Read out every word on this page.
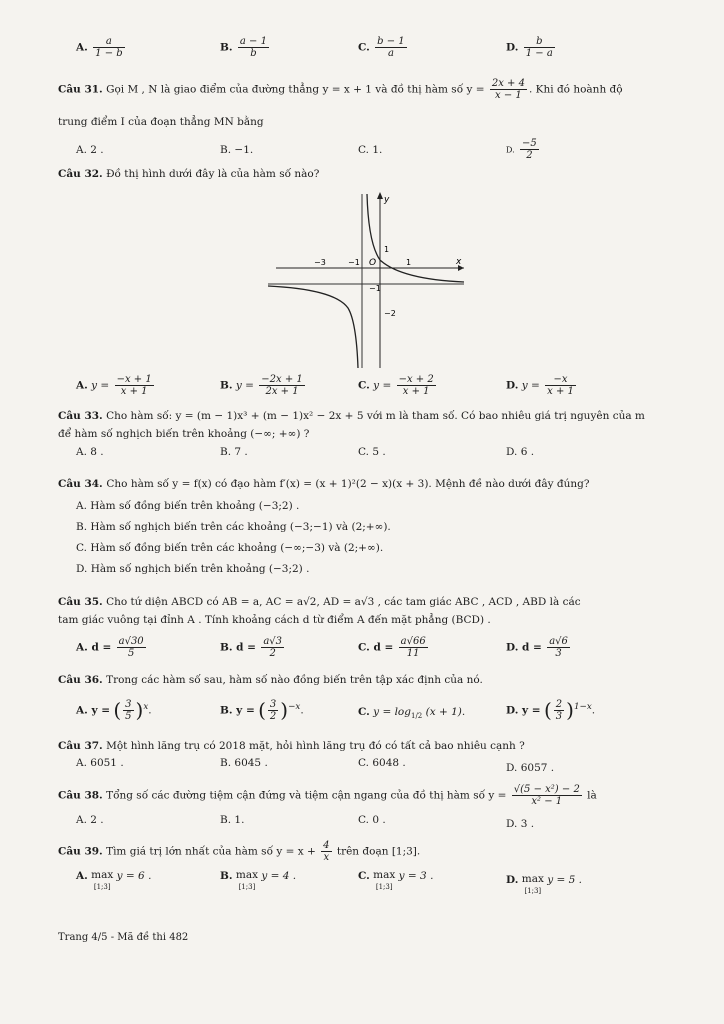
A. $\frac{a}{1 - b}$	B. $\frac{a - 1}{b}$	C. $\frac{b - 1}{a}$	D. $\frac{b}{1 - a}$
Câu 31. Gọi M , N là giao điểm của đường thẳng y = x + 1 và đồ thị hàm số $y = \frac{2x + 4}{x - 1}$ . Khi đó hoành độ
trung điểm I của đoạn thẳng MN bằng
A. 2 .	B. −1.	C. 1.	D. $\frac{-5}{2}$
Câu 32. Đồ thị hình dưới đây là của hàm số nào?
y
x
O
−3	−1	1
1
−1
−2
A. $y = \frac{-x + 1}{x + 1}$	B. $y = \frac{-2x + 1}{2x + 1}$	C. $y = \frac{-x + 2}{x + 1}$	D. $y = \frac{-x}{x + 1}$
Câu 33. Cho hàm số: y = (m − 1)x³ + (m − 1)x² − 2x + 5 với m là tham số. Có bao nhiêu giá trị nguyên của m
để hàm số nghịch biến trên khoảng (−∞; +∞) ?
A. 8 .	B. 7 .	C. 5 .	D. 6 .
Câu 34. Cho hàm số y = f(x) có đạo hàm f′(x) = (x + 1)²(2 − x)(x + 3). Mệnh đề nào dưới đây đúng?
A. Hàm số đồng biến trên khoảng (−3;2) .
B. Hàm số nghịch biến trên các khoảng (−3;−1) và (2;+∞).
C. Hàm số đồng biến trên các khoảng (−∞;−3) và (2;+∞).
D. Hàm số nghịch biến trên khoảng (−3;2) .
Câu 35. Cho tứ diện ABCD có AB = a, AC = a√2, AD = a√3 , các tam giác ABC , ACD , ABD là các
tam giác vuông tại đỉnh A . Tính khoảng cách d từ điểm A đến mặt phẳng (BCD) .
A. $d = \frac{a√30}{5}$	B. $d = \frac{a√3}{2}$	C. $d = \frac{a√66}{11}$	D. $d = \frac{a√6}{3}$
Câu 36. Trong các hàm số sau, hàm số nào đồng biến trên tập xác định của nó.
A. y = ( $\frac{3}{5} )^x$.	B. y = ( $\frac{3}{2} )^{-x}$.	C. $y = \log_{1/2} (x + 1)$.	D. y = ( $\frac{2}{3} )^{1-x}$.
Câu 37. Một hình lăng trụ có 2018 mặt, hỏi hình lăng trụ đó có tất cả bao nhiêu cạnh ?
A. 6051 .	B. 6045 .	C. 6048 .	D. 6057 .
Câu 38. Tổng số các đường tiệm cận đứng và tiệm cận ngang của đồ thị hàm số $y = \frac{\text{√(5 − x²) − 2}}{\text{x² − 1}}$ là
A. 2 .	B. 1.	C. 0 .	D. 3 .
Câu 39. Tìm giá trị lớn nhất của hàm số $y = x + \frac{4}{x}$ trên đoạn [1;3].
A. max
[1;3] y = 6 .	B. max
[1;3] y = 4 .	C. max
[1;3] y = 3 .	D. max
[1;3] y = 5 .
Trang 4/5 - Mã đề thi 482
